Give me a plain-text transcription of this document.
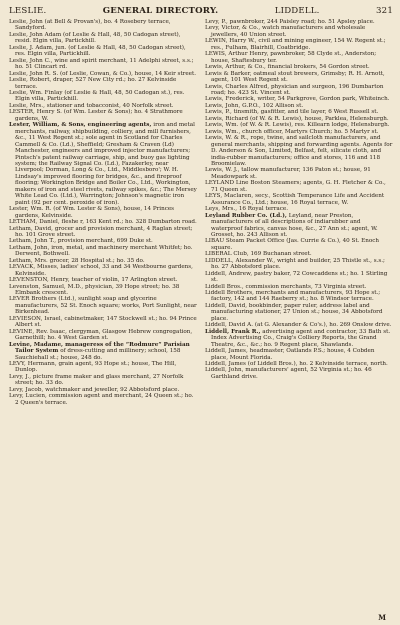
LESLIE.	GENERAL DIRECTORY.	LIDDELL.	321

Leslie, John (at Bell & Provan's), bo. 4 Rosebery terrace, Sandyford.

Leslie, John Adam (of Leslie & Hall, 48, 50 Cadogan street), resid. Elgin villa, Partickhill.

Leslie, J. Adam, jun. (of Leslie & Hall, 48, 50 Cadogan street), res. Elgin villa, Partickhill.

Leslie, John C., wine and spirit merchant, 11 Adelphi street, s.s.; ho. 51 Clincart rd.

Leslie, John R. S. (of Leslie, Cowan, & Co.), house, 14 Keir street.

Leslie, Robert, draper, 527 New City rd.; ho. 27 Kelvinside terrace.

Leslie, Wm. Finlay (of Leslie & Hall, 48, 50 Cadogan st.), res. Elgin villa, Partickhill.

Leslie, Mrs., stationer and tobacconist, 40 Norfolk street.

LESTER, Henry S. (of Wm. Lester & Sons); ho. 4 Strathmore gardens, W.

Lester, William, & Sons, engineering agents, iron and metal merchants, railway, shipbuilding, colliery, and mill furnishers, &c., 11 West Regent st.; sole agent in Scotland for Charles Cammell & Co. (Ld.), Sheffield; Gresham & Craven (Ld) Manchester, engineers and improved injector manufacturers; Pintsch's patent railway carriage, ship, and buoy gas lighting system; the Railway Signal Co. (Ld.), Fazakerley, near Liverpool; Dorman, Long & Co., Ltd., Middlesboro'; W. H. Lindsay's improved flooring for bridges, &c., and fireproof flooring; Workington Bridge and Boiler Co., Ltd., Workington, makers of iron and steel rivets, railway spikes, &c.; The Mersey White Lead Co. (Ltd.), Warrington; Johnson's magnetic iron paint (92 per cent. peroxide of iron).

Lester, Wm. R. (of Wm. Lester & Sons), house, 14 Princes gardens, Kelvinside.

LETHAM, Daniel, fleshe r, 163 Kent rd.; ho. 328 Dumbarton road.

Letham, David, grocer and provision merchant, 4 Raglan street; ho. 101 Grove street.

Letham, John T., provision merchant, 699 Duke st.

Letham, John, iron, metal, and machinery merchant Whitfet; ho. Derwent, Bothwell.

Letham, Mrs. grocer, 28 Hospital st.; ho. 35 do.

LEVACK, Misses, ladies' school, 33 and 34 Westbourne gardens, Kelvinside.

LEVENSTON, Henry, teacher of violin, 17 Arlington street.

Levenston, Samuel, M.D., physician, 39 Hope street; ho. 38 Elmbank crescent.

LEVER Brothers (Ltd.), sunlight soap and glycerine manufacturers, 52 St. Enoch square; works, Port Sunlight, near Birkenhead.

LEVIESON, Israel, cabinetmaker, 147 Stockwell st.; ho. 94 Prince Albert st.

LEVINE, Rev. Isaac, clergyman, Glasgow Hebrew congregation, Garnethill; ho. 4 West Garden st.

Levine, Madame, manageress of the “Rodmure” Parisian Tailor System of dress-cutting and millinery; school, 158 Sauchiehall st.; house, 248 do.

LEVY, Hermann, grain agent, 93 Hope st.; house, The Hill, Dunlop.

Levy, J., picture frame maker and glass merchant, 27 Norfolk street; ho. 33 do.

Levy, Jacob, watchmaker and jeweller, 92 Abbotsford place.

Levy, Lucien, commission agent and merchant, 24 Queen st.; ho. 2 Queen's terrace.

Levy, P., pawnbroker, 244 Paisley road; ho. 51 Apsley place.

Levy, Victor, & Co., watch manufacturers and wholesale jewellers, 40 Union street.

LEWIN, Harry W., civil and mining engineer, 154 W. Regent st.; res., Fulham, Blairhill, Coatbridge.

LEWIS, Arthur Henry, pawnbroker, 58 Clyde st., Anderston; house, Shaftesbury ter.

Lewis, Arthur, & Co., financial brokers, 54 Gordon street.

Lewis & Barker, oatmeal stout brewers, Grimsby; R. H. Arnott, agent, 101 West Regent st.

Lewis, Charles Alfred, physician and surgeon, 196 Dumbarton road; ho. 423 St. Vincent st.

Lewis, Frederick, writer, 54 Parkgrove, Gordon park, Whiteinch.

Lewis, John, G.P.O., 102 Allison st.

Lewis, P., tinsmith, gasfitter, and tile layer, 6 West Russell st.

Lewis, Richard (of W. & R. Lewis), house, Parklea, Helensburgh.

Lewis, Wm. (of W. & R. Lewis), res. Killearn lodge, Helensburgh.

Lewis, Wm., church officer, Martyrs Church; ho. 5 Martyr st.

Lewis, W. & R., rope, twine, and sailcloth manufacturers, and general merchants, shipping and forwarding agents. Agents for D. Anderson & Son, Limited, Belfast, felt, silicate cloth, and india-rubber manufacturers; office and stores, 116 and 118 Broomielaw.

Lewis, W. J., tallow manufacturer, 136 Paton st.; house, 91 Meadowpark st.

LEYLAND Line Boston Steamers; agents, G. H. Fletcher & Co., 71 Queen st.

LEYS, Maclaren, secy., Scottish Temperance Life and Accident Assurance Co., Ltd.; house, 16 Royal terrace, W.

Leys, Mrs., 16 Royal terrace.

Leyland Rubber Co. (Ld.), Leyland, near Preston, manufacturers of all descriptions of indiarubber and waterproof fabrics, canvas hose, &c., 27 Ann st.; agent, W. Grosset, ho. 243 Allison st.

LIBAU Steam Packet Office (Jas. Currie & Co.), 40 St. Enoch square.

LIBERAL Club, 169 Buchanan street.

LIDDELL, Alexander W., wright and builder, 25 Thistle st., s.s.; ho. 27 Abbotsford place.

Liddell, Andrew, pastry baker, 72 Cowcaddens st.; ho. 1 Stirling st.

Liddell Bros., commission merchants, 73 Virginia street.

Liddell Brothers, merchants and manufacturers, 93 Hope st.; factory, 142 and 144 Raeberry st.; ho. 8 Windsor terrace.

Liddell, David, bookbinder, paper ruler, address label and manufacturing stationer, 27 Union st.; house, 34 Abbotsford place.

Liddell, David A. (at G. Alexander & Co's.), ho. 269 Onslow drive.

Liddell, Frank R., advertising agent and contractor, 33 Bath st. Index Advertising Co., Craig's Colliery Reports, the Grand Theatre, &c., &c.; ho. 9 Regent place, Shawlands.

Liddell, James, headmaster, Oatlands P.S.; house, 4 Cobden place, Mount Florida.

Liddell, James (of Liddell Bros.), ho. 2 Kelvinside terrace, north.

Liddell, John, manufacturers' agent, 52 Virginia st.; ho. 46 Garthland drive.

M
